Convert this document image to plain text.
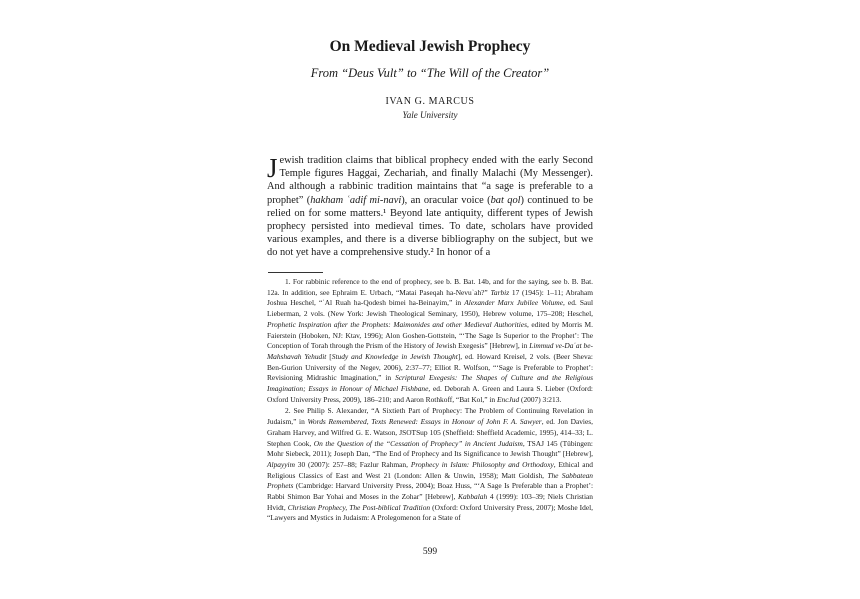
On Medieval Jewish Prophecy

From “Deus Vult” to “The Will of the Creator”

IVAN G. MARCUS

Yale University

Jewish tradition claims that biblical prophecy ended with the early Second Temple figures Haggai, Zechariah, and finally Malachi (My Messenger). And although a rabbinic tradition maintains that “a sage is preferable to a prophet” (hakham ʿadif mi-navi), an oracular voice (bat qol) continued to be relied on for some matters.¹ Beyond late antiquity, different types of Jewish prophecy persisted into medieval times. To date, scholars have provided various examples, and there is a diverse bibliography on the subject, but we do not yet have a comprehensive study.² In honor of a

1. For rabbinic reference to the end of prophecy, see b. B. Bat. 14b, and for the saying, see b. B. Bat. 12a. In addition, see Ephraim E. Urbach, “Matai Paseqah ha-Nevuʾah?” Tarbiz 17 (1945): 1–11; Abraham Joshua Heschel, “ʿAl Ruah ha-Qodesh bimei ha-Beinayim,” in Alexander Marx Jubilee Volume, ed. Saul Lieberman, 2 vols. (New York: Jewish Theological Seminary, 1950), Hebrew volume, 175–208; Heschel, Prophetic Inspiration after the Prophets: Maimonides and other Medieval Authorities, edited by Morris M. Faierstein (Hoboken, NJ: Ktav, 1996); Alon Goshen-Gottstein, “‘The Sage Is Superior to the Prophet’: The Conception of Torah through the Prism of the History of Jewish Exegesis” [Hebrew], in Limmud ve-Daʿat be-Mahshavah Yehudit [Study and Knowledge in Jewish Thought], ed. Howard Kreisel, 2 vols. (Beer Sheva: Ben-Gurion University of the Negev, 2006), 2:37–77; Elliot R. Wolfson, “‘Sage is Preferable to Prophet’: Revisioning Midrashic Imagination,” in Scriptural Exegesis: The Shapes of Culture and the Religious Imagination; Essays in Honour of Michael Fishbane, ed. Deborah A. Green and Laura S. Lieber (Oxford: Oxford University Press, 2009), 186–210; and Aaron Rothkoff, “Bat Kol,” in EncJud (2007) 3:213.

2. See Philip S. Alexander, “A Sixtieth Part of Prophecy: The Problem of Continuing Revelation in Judaism,” in Words Remembered, Texts Renewed: Essays in Honour of John F. A. Sawyer, ed. Jon Davies, Graham Harvey, and Wilfred G. E. Watson, JSOTSup 105 (Sheffield: Sheffield Academic, 1995), 414–33; L. Stephen Cook, On the Question of the “Cessation of Prophecy” in Ancient Judaism, TSAJ 145 (Tübingen: Mohr Siebeck, 2011); Joseph Dan, “The End of Prophecy and Its Significance to Jewish Thought” [Hebrew], Alpayyim 30 (2007): 257–88; Fazlur Rahman, Prophecy in Islam: Philosophy and Orthodoxy, Ethical and Religious Classics of East and West 21 (London: Allen & Unwin, 1958); Matt Goldish, The Sabbatean Prophets (Cambridge: Harvard University Press, 2004); Boaz Huss, “‘A Sage Is Preferable than a Prophet’: Rabbi Shimon Bar Yohai and Moses in the Zohar” [Hebrew], Kabbalah 4 (1999): 103–39; Niels Christian Hvidt, Christian Prophecy, The Post-biblical Tradition (Oxford: Oxford University Press, 2007); Moshe Idel, “Lawyers and Mystics in Judaism: A Prolegomenon for a State of

599
